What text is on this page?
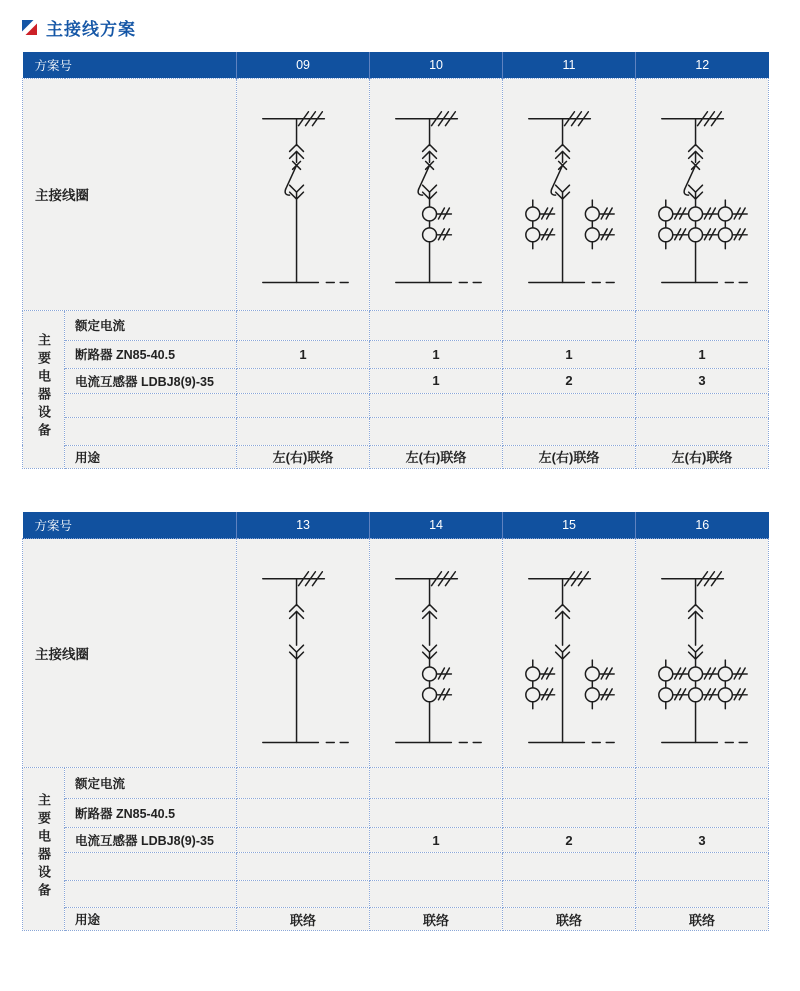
主接线方案
方案号		09	10	11	12
主接线圈	

主要电器设备	额定电流				
	断路器 ZN85-40.5	1	1	1	1
	电流互感器 LDBJ8(9)-35		1	2	3

	用途	左(右)联络	左(右)联络	左(右)联络	左(右)联络
方案号		13	14	15	16
主接线圈	

主要电器设备	额定电流				
	断路器 ZN85-40.5				
	电流互感器 LDBJ8(9)-35		1	2	3

	用途	联络	联络	联络	联络
